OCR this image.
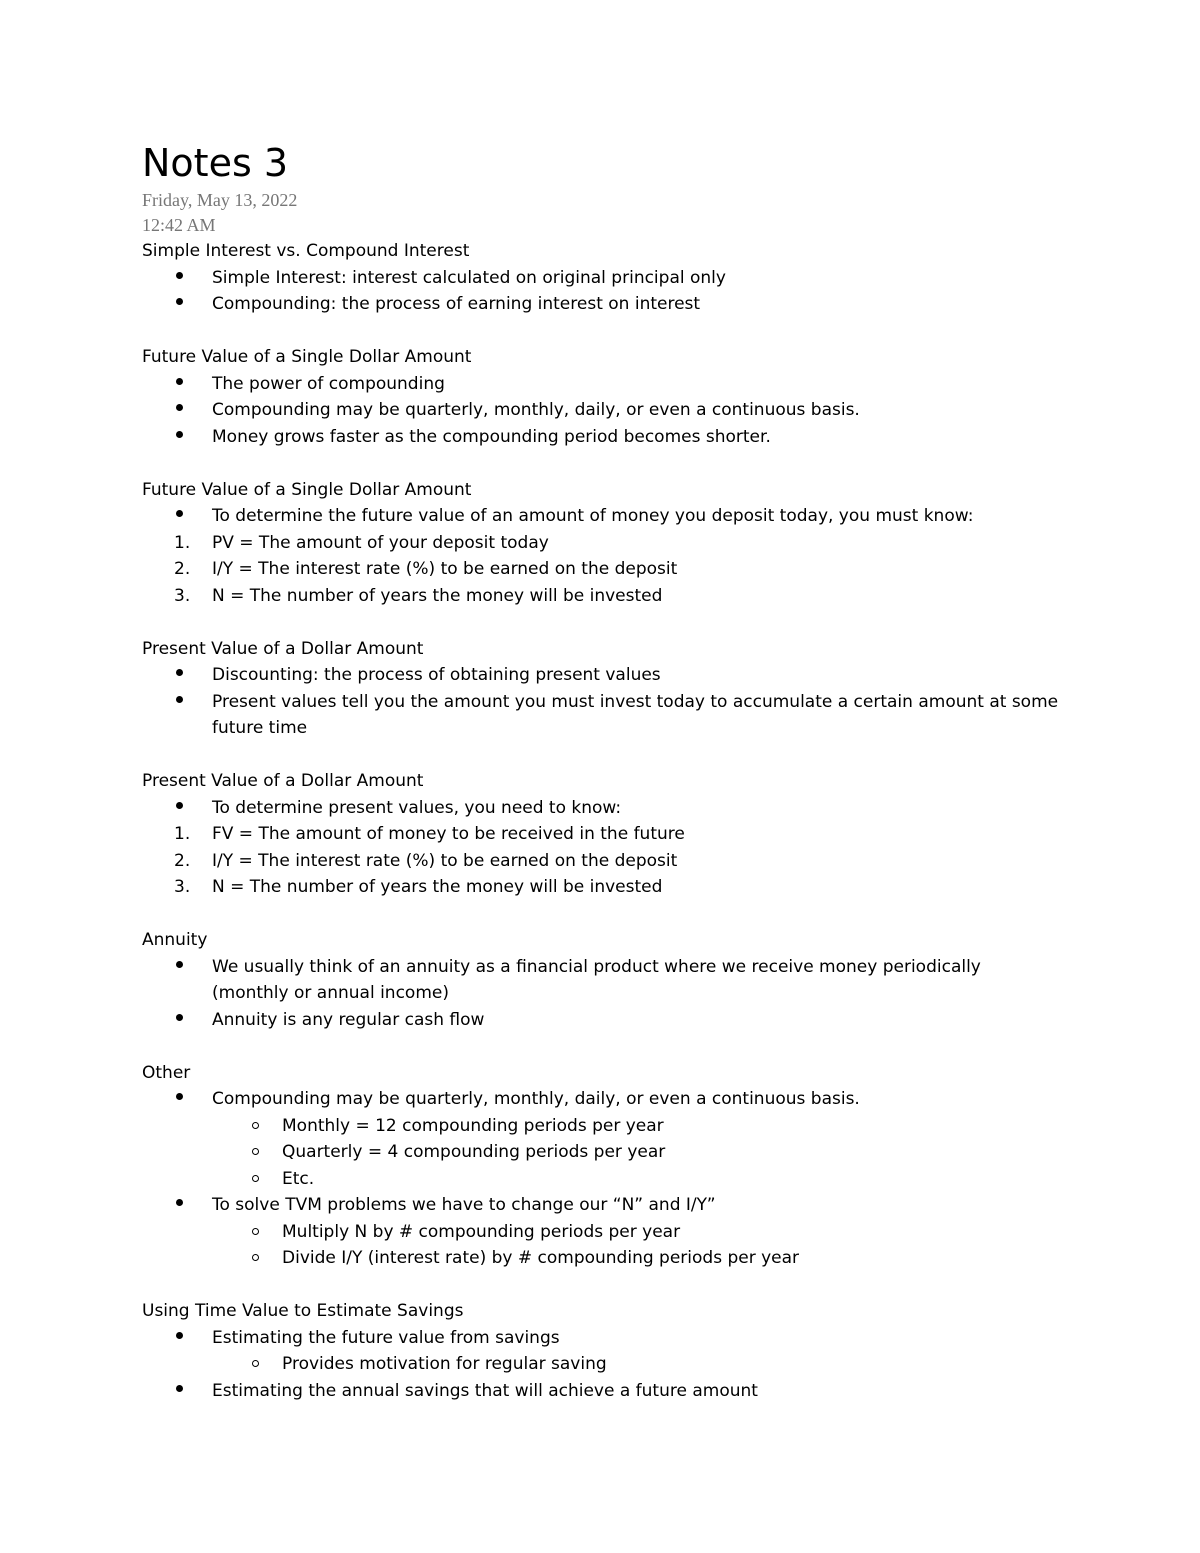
Notes 3
Friday, May 13, 2022
12:42 AM
Simple Interest vs. Compound Interest
Simple Interest: interest calculated on original principal only
Compounding: the process of earning interest on interest
Future Value of a Single Dollar Amount
The power of compounding
Compounding may be quarterly, monthly, daily, or even a continuous basis.
Money grows faster as the compounding period becomes shorter.
Future Value of a Single Dollar Amount
To determine the future value of an amount of money you deposit today, you must know:
1.	PV = The amount of your deposit today
2.	I/Y = The interest rate (%) to be earned on the deposit
3.	N = The number of years the money will be invested
Present Value of a Dollar Amount
Discounting: the process of obtaining present values
Present values tell you the amount you must invest today to accumulate a certain amount at some future time
Present Value of a Dollar Amount
To determine present values, you need to know:
1.	FV = The amount of money to be received in the future
2.	I/Y = The interest rate (%) to be earned on the deposit
3.	N = The number of years the money will be invested
Annuity
We usually think of an annuity as a financial product where we receive money periodically (monthly or annual income)
Annuity is any regular cash flow
Other
Compounding may be quarterly, monthly, daily, or even a continuous basis.
Monthly = 12 compounding periods per year
Quarterly = 4 compounding periods per year
Etc.
To solve TVM problems we have to change our “N” and I/Y”
Multiply N by # compounding periods per year
Divide I/Y (interest rate) by # compounding periods per year
Using Time Value to Estimate Savings
Estimating the future value from savings
Provides motivation for regular saving
Estimating the annual savings that will achieve a future amount
